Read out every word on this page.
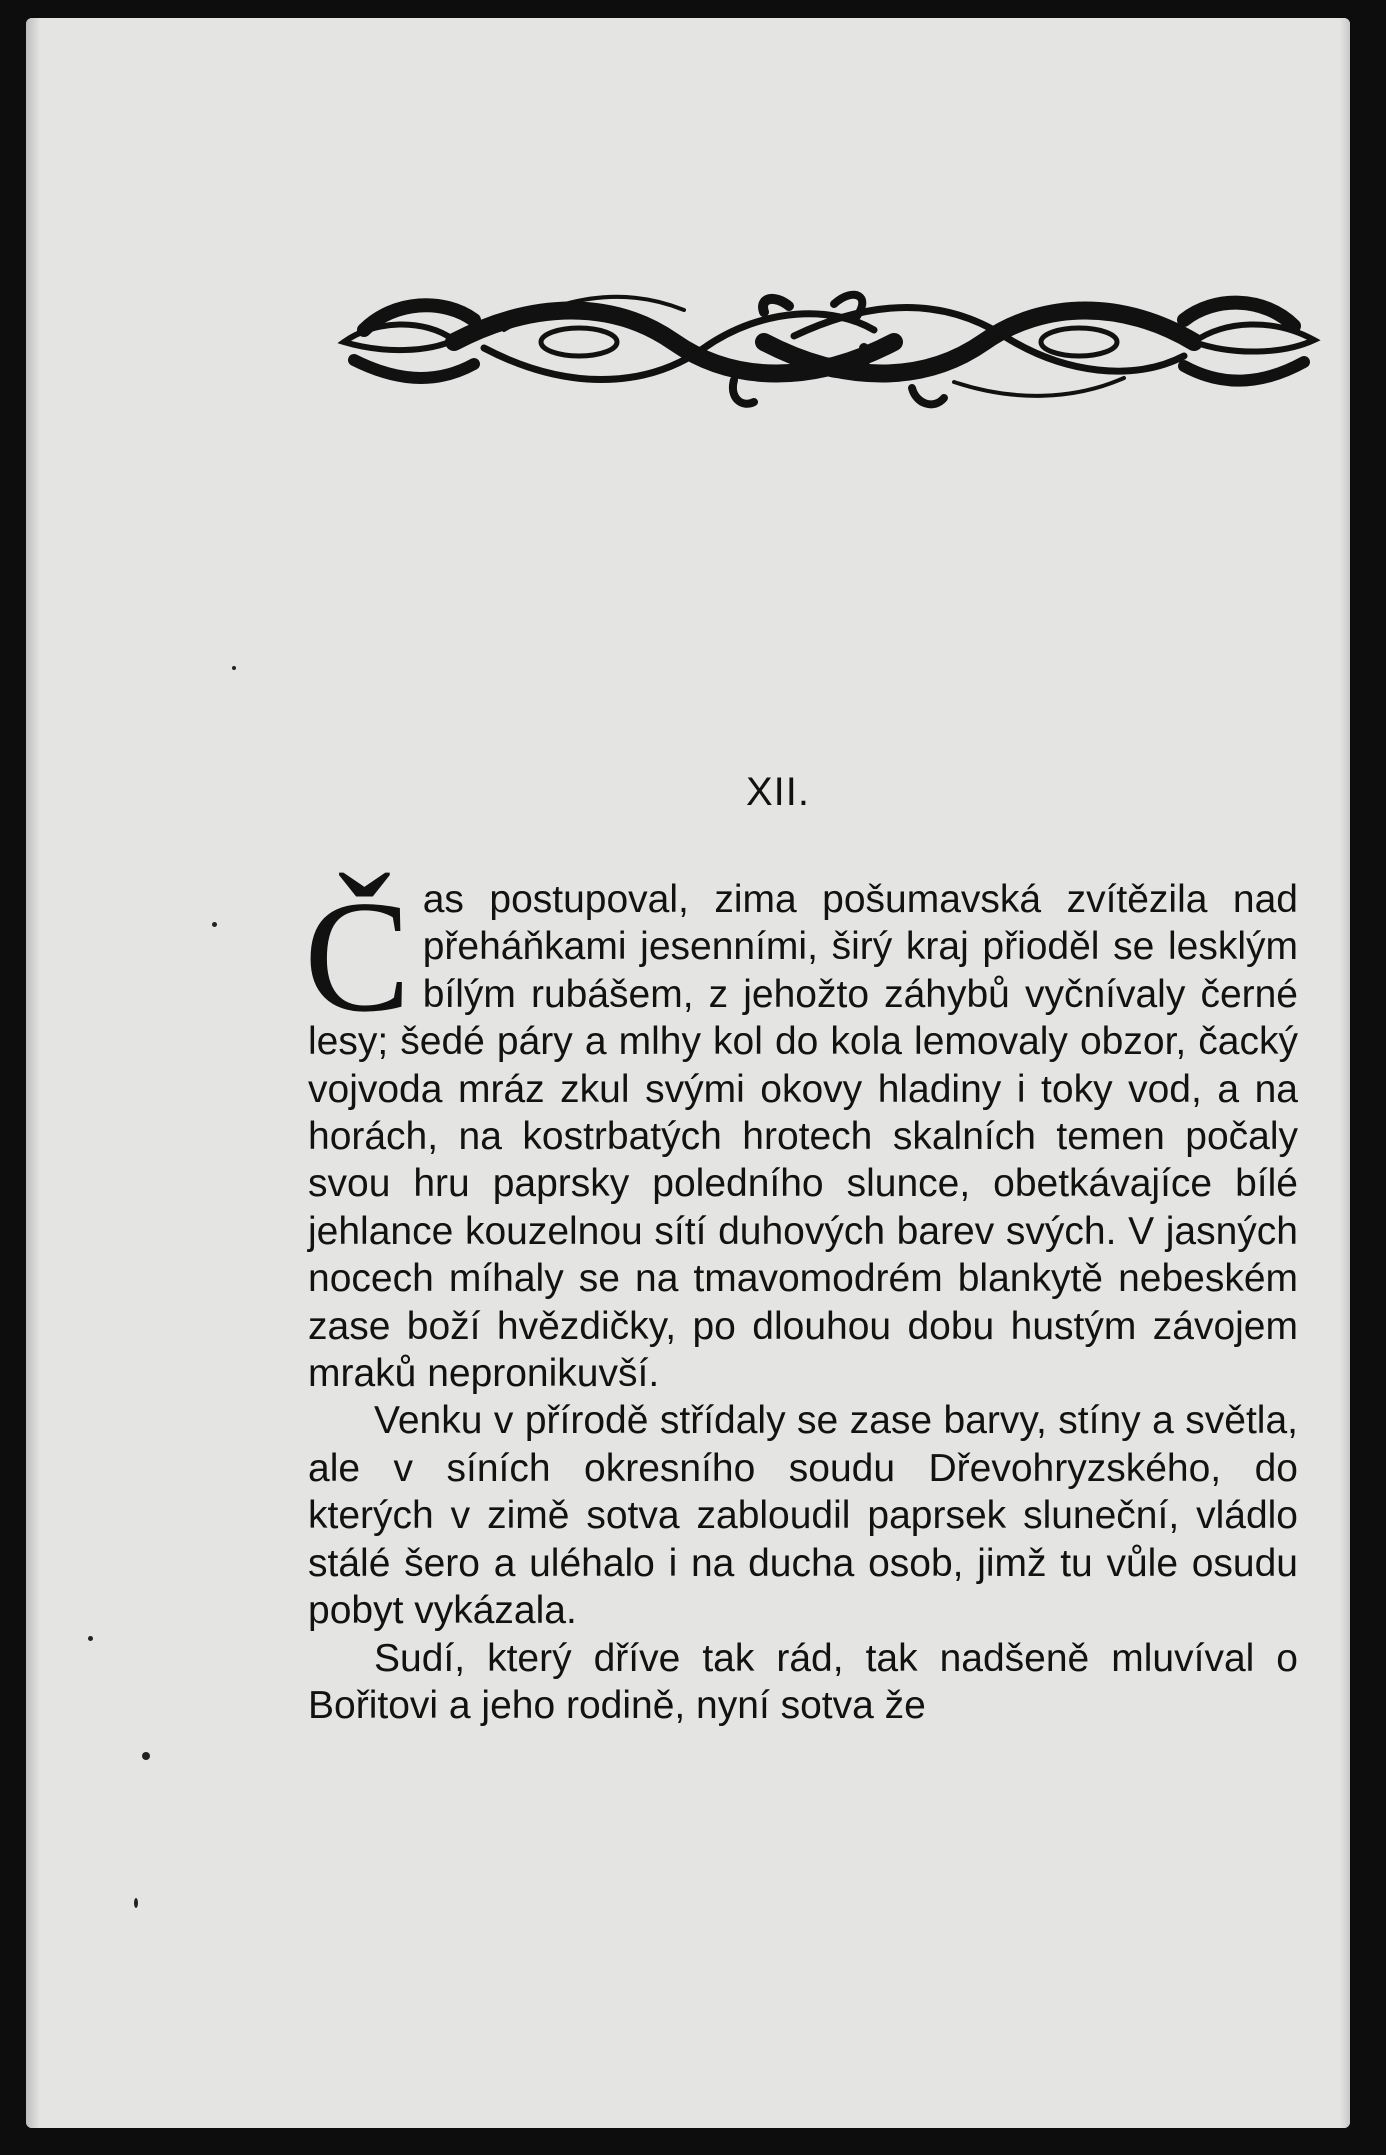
XII.

Čas postupoval, zima pošumavská zvítězila nad přeháňkami jesenními, širý kraj přioděl se lesklým bílým rubášem, z jehožto záhybů vyčnívaly černé lesy; šedé páry a mlhy kol do kola lemovaly obzor, čacký vojvoda mráz zkul svými okovy hladiny i toky vod, a na horách, na kostrbatých hrotech skalních temen počaly svou hru paprsky poledního slunce, obetkávajíce bílé jehlance kouzelnou sítí duhových barev svých. V jasných nocech míhaly se na tmavomodrém blankytě nebeském zase boží hvězdičky, po dlouhou dobu hustým závojem mraků nepronikuvší.

Venku v přírodě střídaly se zase barvy, stíny a světla, ale v síních okresního soudu Dřevohryzského, do kterých v zimě sotva zabloudil paprsek sluneční, vládlo stálé šero a uléhalo i na ducha osob, jimž tu vůle osudu pobyt vykázala.

Sudí, který dříve tak rád, tak nadšeně mluvíval o Bořitovi a jeho rodině, nyní sotva že
